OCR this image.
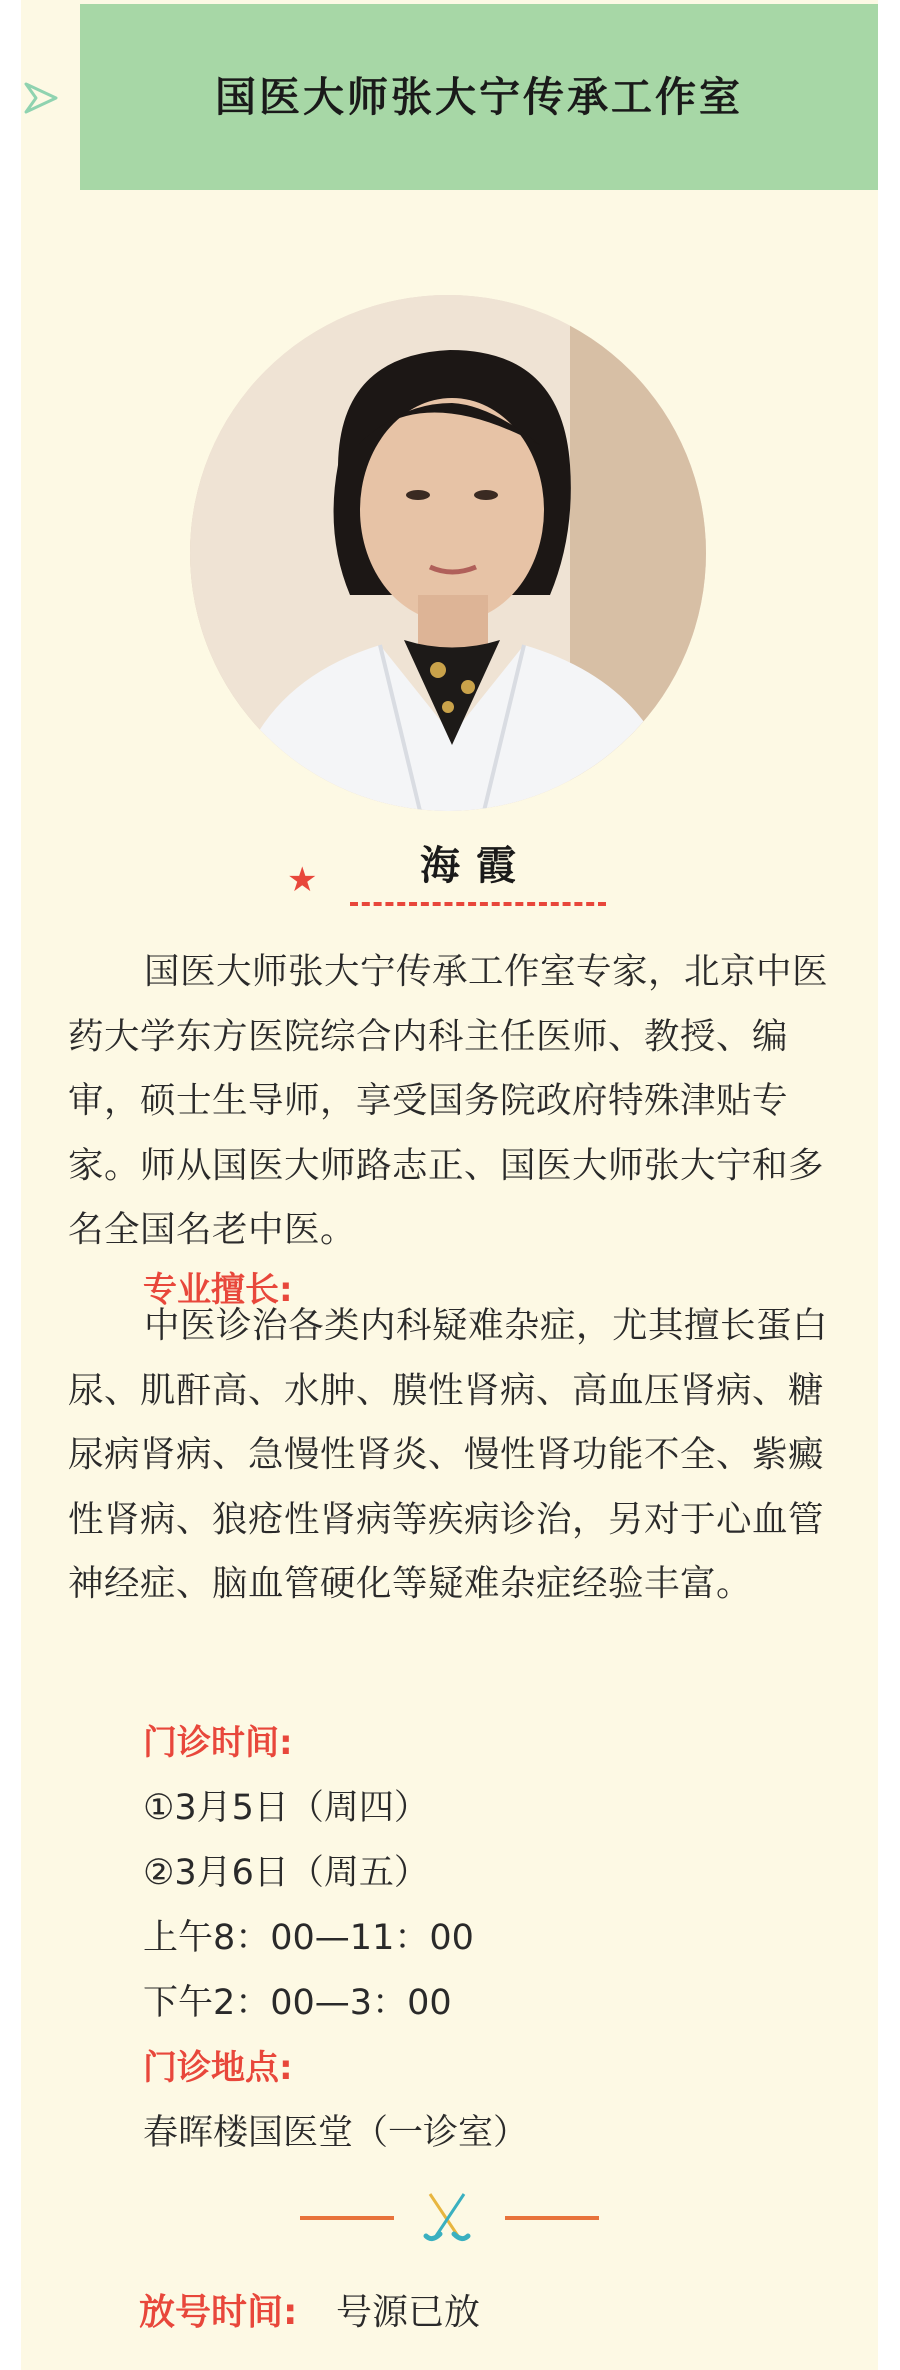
国医大师张大宁传承工作室
★	海霞

国医大师张大宁传承工作室专家，北京中医药大学东方医院综合内科主任医师、教授、编审，硕士生导师，享受国务院政府特殊津贴专家。师从国医大师路志正、国医大师张大宁和多名全国名老中医。

专业擅长:

中医诊治各类内科疑难杂症，尤其擅长蛋白尿、肌酐高、水肿、膜性肾病、高血压肾病、糖尿病肾病、急慢性肾炎、慢性肾功能不全、紫癜性肾病、狼疮性肾病等疾病诊治，另对于心血管神经症、脑血管硬化等疑难杂症经验丰富。

门诊时间:
①3月5日（周四）
②3月6日（周五）
上午8：00—11：00
下午2：00—3：00
门诊地点:
春晖楼国医堂（一诊室）
放号时间: 号源已放
